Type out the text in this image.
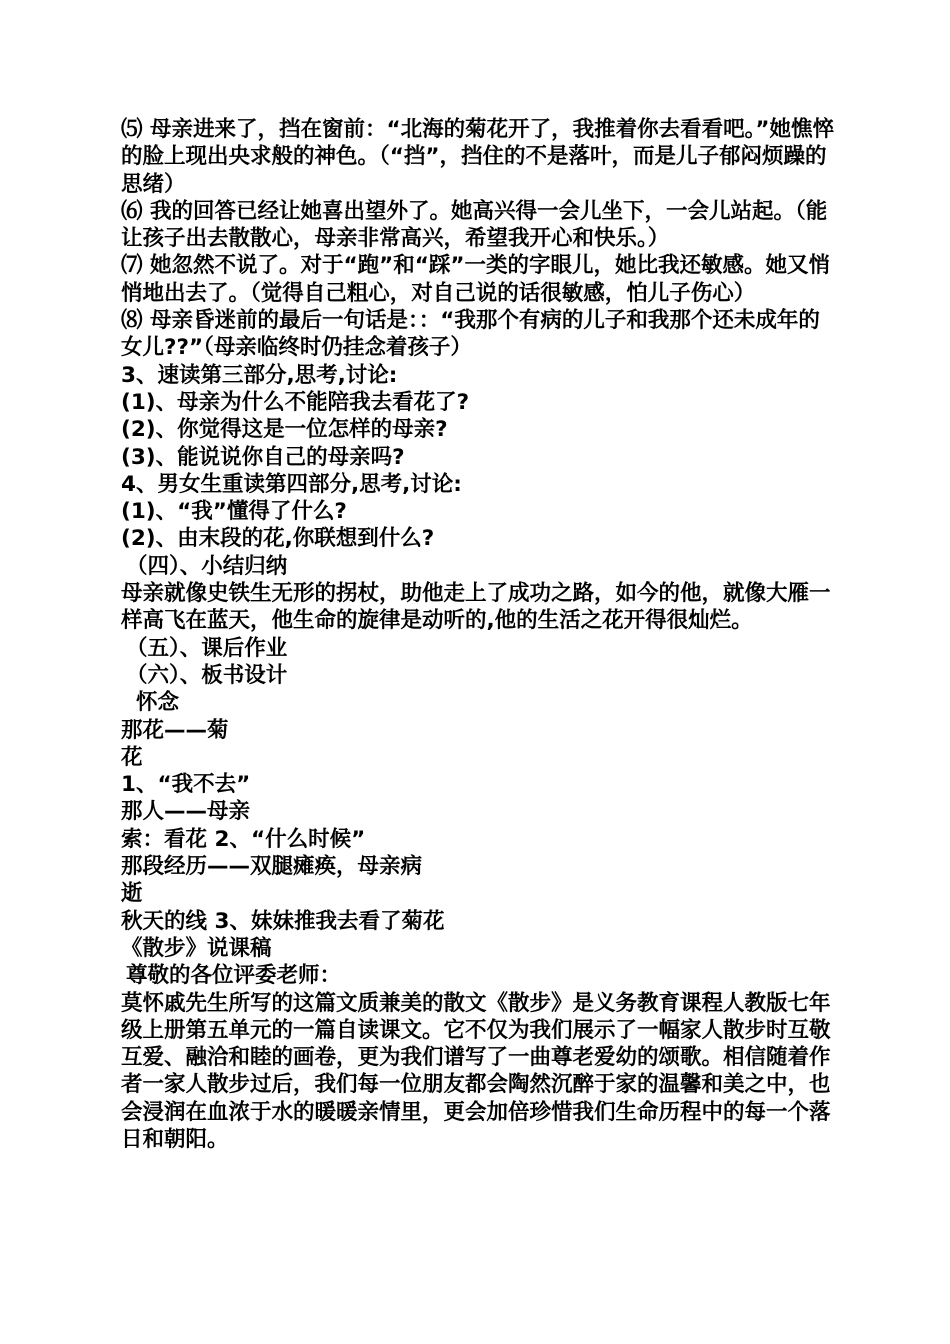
⑸ 母亲进来了，挡在窗前：“北海的菊花开了，我推着你去看看吧。”她憔悴的脸上现出央求般的神色。（“挡”，挡住的不是落叶，而是儿子郁闷烦躁的思绪）

⑹ 我的回答已经让她喜出望外了。她高兴得一会儿坐下，一会儿站起。（能让孩子出去散散心，母亲非常高兴，希望我开心和快乐。）

⑺ 她忽然不说了。对于“跑”和“踩”一类的字眼儿，她比我还敏感。她又悄悄地出去了。（觉得自己粗心，对自己说的话很敏感，怕儿子伤心）

⑻ 母亲昏迷前的最后一句话是：：“我那个有病的儿子和我那个还未成年的女儿??”（母亲临终时仍挂念着孩子）

3、速读第三部分,思考,讨论:

(1)、母亲为什么不能陪我去看花了?

(2)、你觉得这是一位怎样的母亲?

(3)、能说说你自己的母亲吗?

4、男女生重读第四部分,思考,讨论:

(1)、“我”懂得了什么?

(2)、由末段的花,你联想到什么?

（四）、小结归纳

母亲就像史铁生无形的拐杖，助他走上了成功之路，如今的他，就像大雁一样高飞在蓝天，他生命的旋律是动听的,他的生活之花开得很灿烂。

（五）、课后作业

（六）、板书设计

怀念

那花——菊

花

1、“我不去”

那人——母亲

索：看花 2、“什么时候”

那段经历——双腿瘫痪，母亲病

逝

秋天的线 3、妹妹推我去看了菊花

《散步》说课稿

尊敬的各位评委老师：

莫怀戚先生所写的这篇文质兼美的散文《散步》是义务教育课程人教版七年级上册第五单元的一篇自读课文。它不仅为我们展示了一幅家人散步时互敬互爱、融洽和睦的画卷，更为我们谱写了一曲尊老爱幼的颂歌。相信随着作者一家人散步过后，我们每一位朋友都会陶然沉醉于家的温馨和美之中，也会浸润在血浓于水的暖暖亲情里，更会加倍珍惜我们生命历程中的每一个落日和朝阳。
